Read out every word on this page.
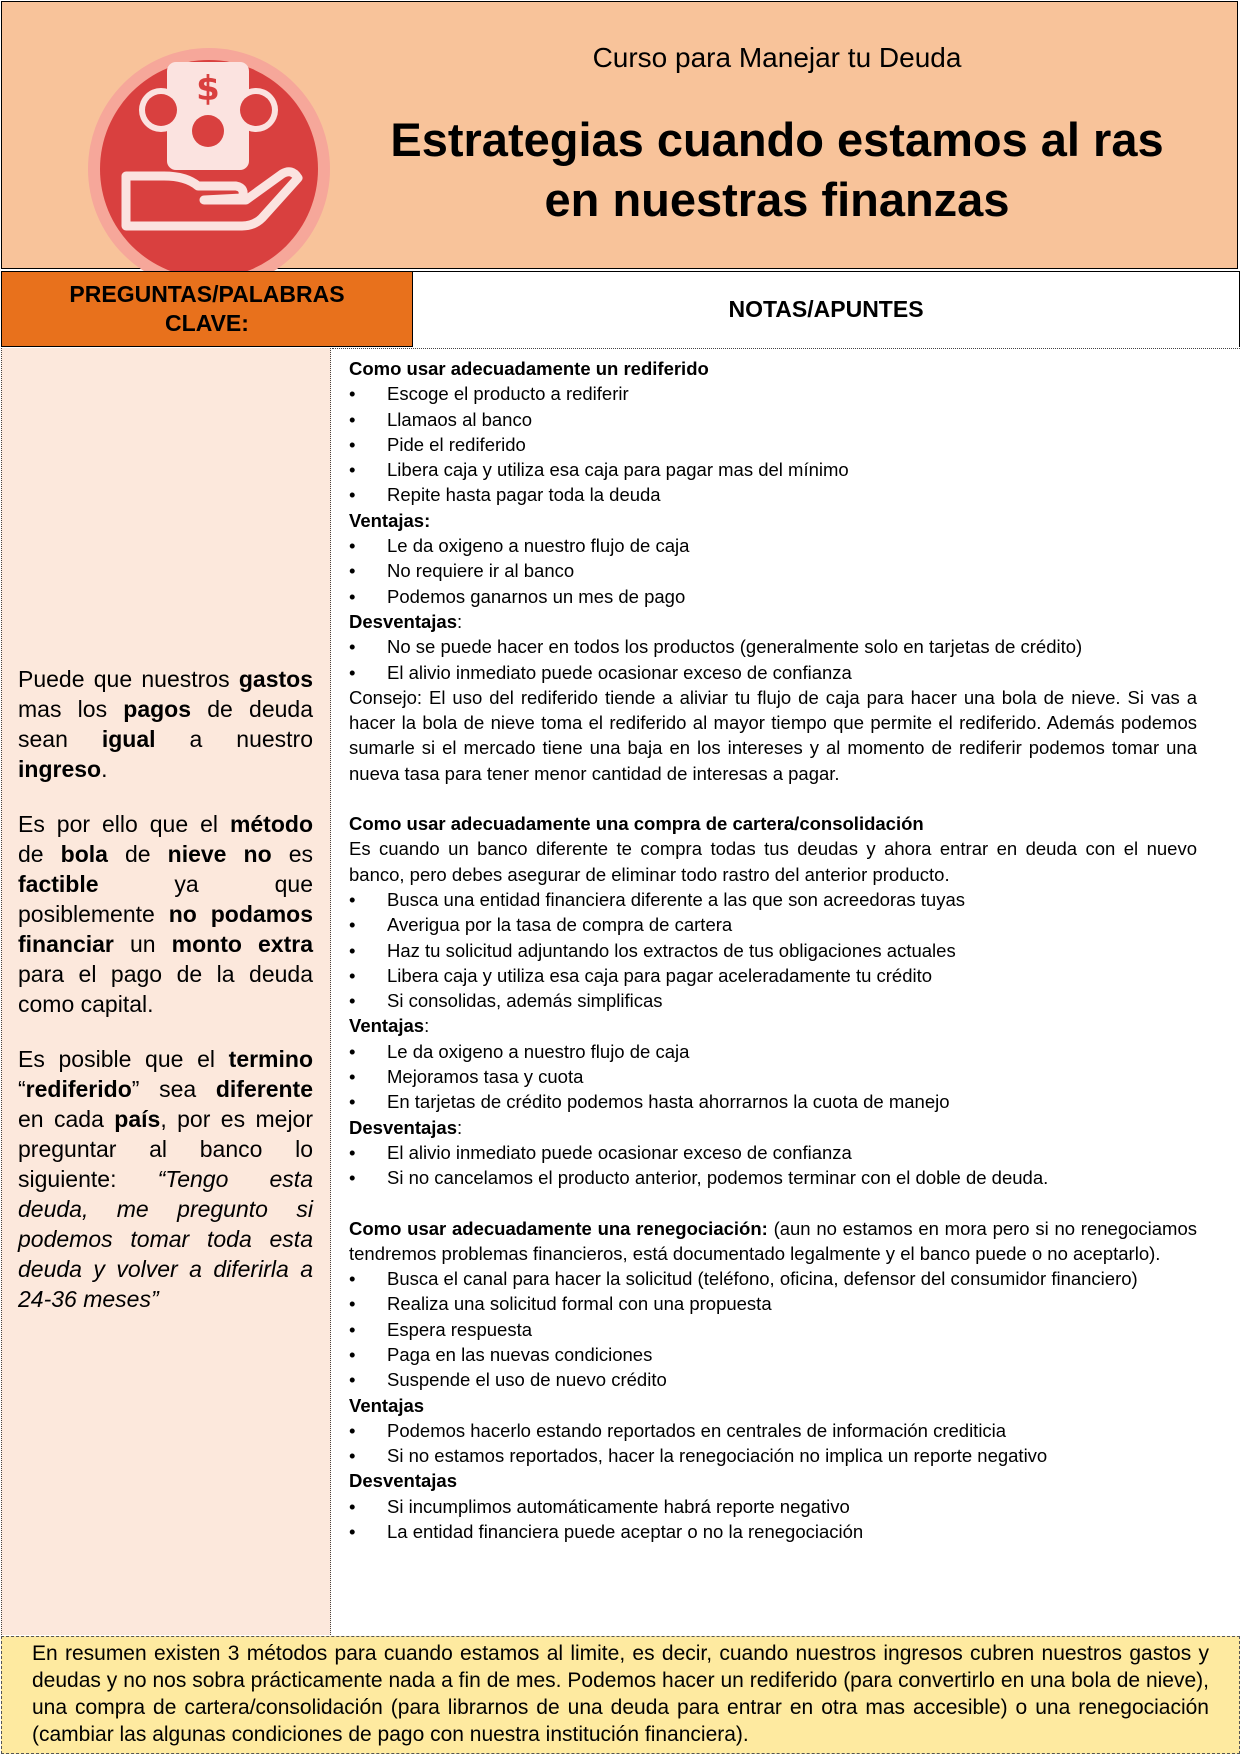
$
Curso para Manejar tu Deuda
Estrategias cuando estamos al ras
en nuestras finanzas
PREGUNTAS/PALABRAS
CLAVE:
NOTAS/APUNTES

Puede que nuestros gastos mas los pagos de deuda sean igual a nuestro ingreso.

Es por ello que el método de bola de nieve no es factible ya que posiblemente no podamos financiar un monto extra para el pago de la deuda como capital.

Es posible que el termino “rediferido” sea diferente en cada país, por es mejor preguntar al banco lo siguiente: “Tengo esta deuda, me pregunto si podemos tomar toda esta deuda y volver a diferirla a 24-36 meses”

Como usar adecuadamente un rediferido
• Escoge el producto a rediferir
• Llamaos al banco
• Pide el rediferido
• Libera caja y utiliza esa caja para pagar mas del mínimo
• Repite hasta pagar toda la deuda
Ventajas:
• Le da oxigeno a nuestro flujo de caja
• No requiere ir al banco
• Podemos ganarnos un mes de pago
Desventajas:
• No se puede hacer en todos los productos (generalmente solo en tarjetas de crédito)
• El alivio inmediato puede ocasionar exceso de confianza
Consejo: El uso del rediferido tiende a aliviar tu flujo de caja para hacer una bola de nieve. Si vas a hacer la bola de nieve toma el rediferido al mayor tiempo que permite el rediferido. Además podemos sumarle si el mercado tiene una baja en los intereses y al momento de rediferir podemos tomar una nueva tasa para tener menor cantidad de interesas a pagar.
Como usar adecuadamente una compra de cartera/consolidación
Es cuando un banco diferente te compra todas tus deudas y ahora entrar en deuda con el nuevo banco, pero debes asegurar de eliminar todo rastro del anterior producto.
• Busca una entidad financiera diferente a las que son acreedoras tuyas
• Averigua por la tasa de compra de cartera
• Haz tu solicitud adjuntando los extractos de tus obligaciones actuales
• Libera caja y utiliza esa caja para pagar aceleradamente tu crédito
• Si consolidas, además simplificas
Ventajas:
• Le da oxigeno a nuestro flujo de caja
• Mejoramos tasa y cuota
• En tarjetas de crédito podemos hasta ahorrarnos la cuota de manejo
Desventajas:
• El alivio inmediato puede ocasionar exceso de confianza
• Si no cancelamos el producto anterior, podemos terminar con el doble de deuda.
Como usar adecuadamente una renegociación: (aun no estamos en mora pero si no renegociamos tendremos problemas financieros, está documentado legalmente y el banco puede o no aceptarlo).
• Busca el canal para hacer la solicitud (teléfono, oficina, defensor del consumidor financiero)
• Realiza una solicitud formal con una propuesta
• Espera respuesta
• Paga en las nuevas condiciones
• Suspende el uso de nuevo crédito
Ventajas
• Podemos hacerlo estando reportados en centrales de información crediticia
• Si no estamos reportados, hacer la renegociación no implica un reporte negativo
Desventajas
• Si incumplimos automáticamente habrá reporte negativo
• La entidad financiera puede aceptar o no la renegociación
En resumen existen 3 métodos para cuando estamos al limite, es decir, cuando nuestros ingresos cubren nuestros gastos y deudas y no nos sobra prácticamente nada a fin de mes. Podemos hacer un rediferido (para convertirlo en una bola de nieve), una compra de cartera/consolidación (para librarnos de una deuda para entrar en otra mas accesible) o una renegociación (cambiar las algunas condiciones de pago con nuestra institución financiera).
